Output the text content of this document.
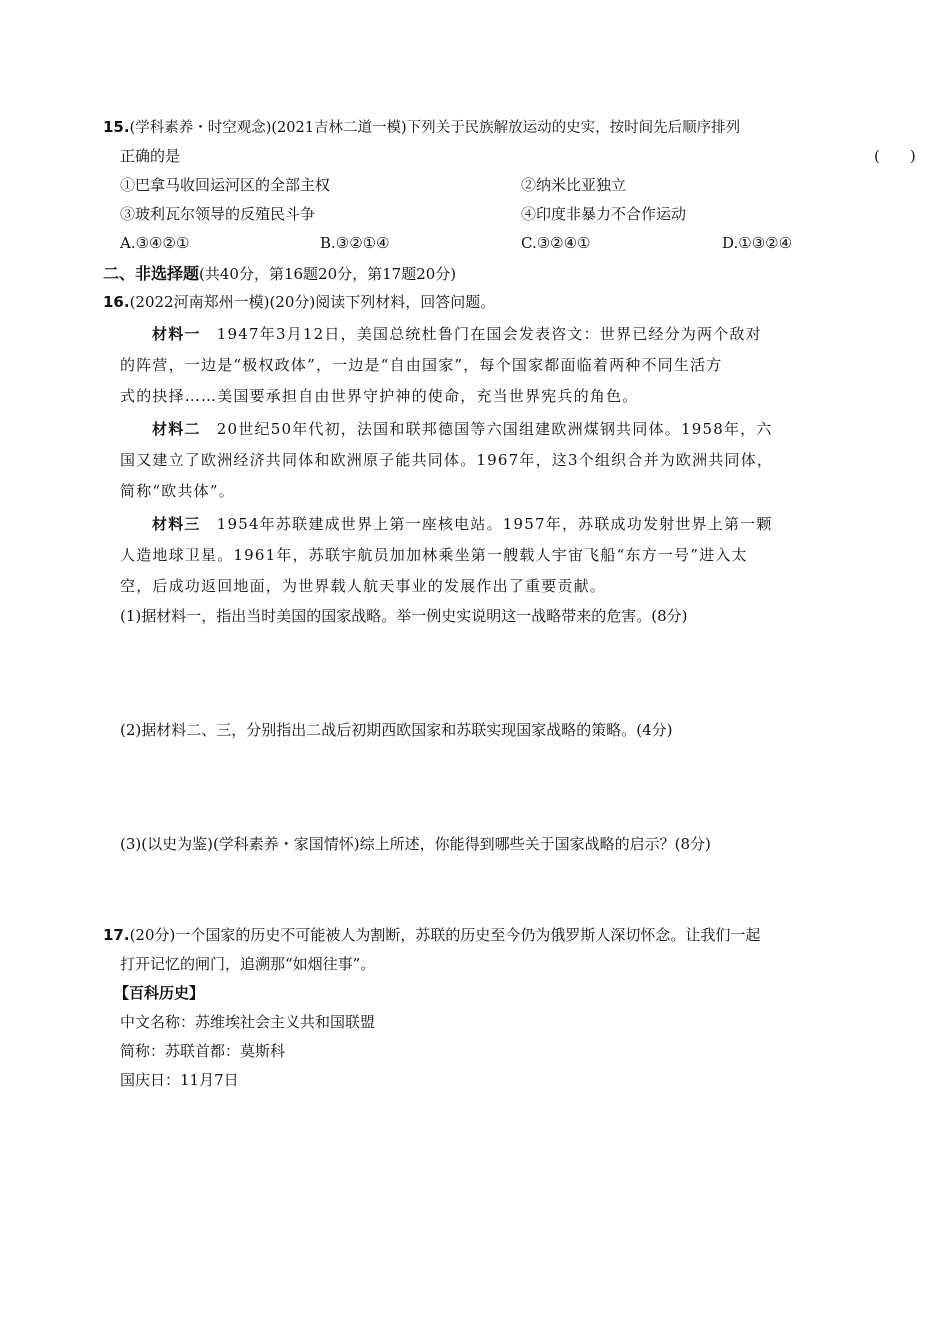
15.(学科素养・时空观念)(2021吉林二道一模)下列关于民族解放运动的史实，按时间先后顺序排列
正确的是	(　　)
①巴拿马收回运河区的全部主权	②纳米比亚独立
③玻利瓦尔领导的反殖民斗争	④印度非暴力不合作运动
A.③④②①	B.③②①④	C.③②④①	D.①③②④
二、非选择题(共40分，第16题20分，第17题20分)
16.(2022河南郑州一模)(20分)阅读下列材料，回答问题。
材料一　1947年3月12日，美国总统杜鲁门在国会发表咨文：世界已经分为两个敌对
的阵营，一边是“极权政体”，一边是“自由国家”，每个国家都面临着两种不同生活方
式的抉择……美国要承担自由世界守护神的使命，充当世界宪兵的角色。
材料二　20世纪50年代初，法国和联邦德国等六国组建欧洲煤钢共同体。1958年，六
国又建立了欧洲经济共同体和欧洲原子能共同体。1967年，这3个组织合并为欧洲共同体，
简称“欧共体”。
材料三　1954年苏联建成世界上第一座核电站。1957年，苏联成功发射世界上第一颗
人造地球卫星。1961年，苏联宇航员加加林乘坐第一艘载人宇宙飞船“东方一号”进入太
空，后成功返回地面，为世界载人航天事业的发展作出了重要贡献。
(1)据材料一，指出当时美国的国家战略。举一例史实说明这一战略带来的危害。(8分)
(2)据材料二、三，分别指出二战后初期西欧国家和苏联实现国家战略的策略。(4分)
(3)(以史为鉴)(学科素养・家国情怀)综上所述，你能得到哪些关于国家战略的启示？(8分)
17.(20分)一个国家的历史不可能被人为割断，苏联的历史至今仍为俄罗斯人深切怀念。让我们一起
打开记忆的闸门，追溯那“如烟往事”。
【百科历史】
中文名称：苏维埃社会主义共和国联盟
简称：苏联首都：莫斯科
国庆日：11月7日
